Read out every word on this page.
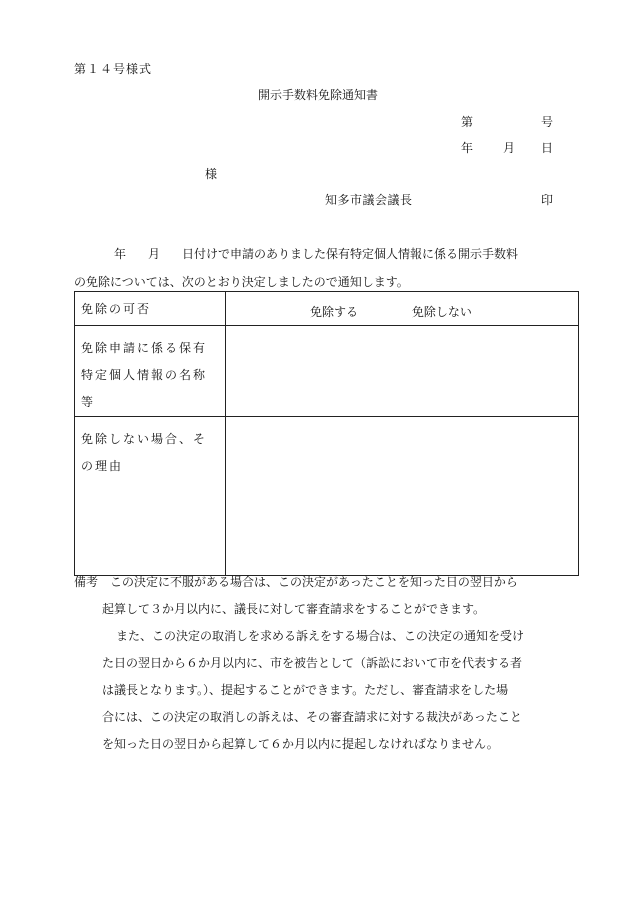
第１４号様式
開示手数料免除通知書
第	号
年 月 日
様
知多市議会議長	印
年 月 日付けで申請のありました保有特定個人情報に係る開示手数料
の免除については、次のとおり決定しましたので通知します。
免除の可否	免除する 免除しない

免除申請に係る保有
特定個人情報の名称
等	

免除しない場合、そ
の理由	

備考 この決定に不服がある場合は、この決定があったことを知った日の翌日から
起算して３か月以内に、議長に対して審査請求をすることができます。
また、この決定の取消しを求める訴えをする場合は、この決定の通知を受け
た日の翌日から６か月以内に、市を被告として（訴訟において市を代表する者
は議長となります。）、提起することができます。ただし、審査請求をした場
合には、この決定の取消しの訴えは、その審査請求に対する裁決があったこと
を知った日の翌日から起算して６か月以内に提起しなければなりません。
